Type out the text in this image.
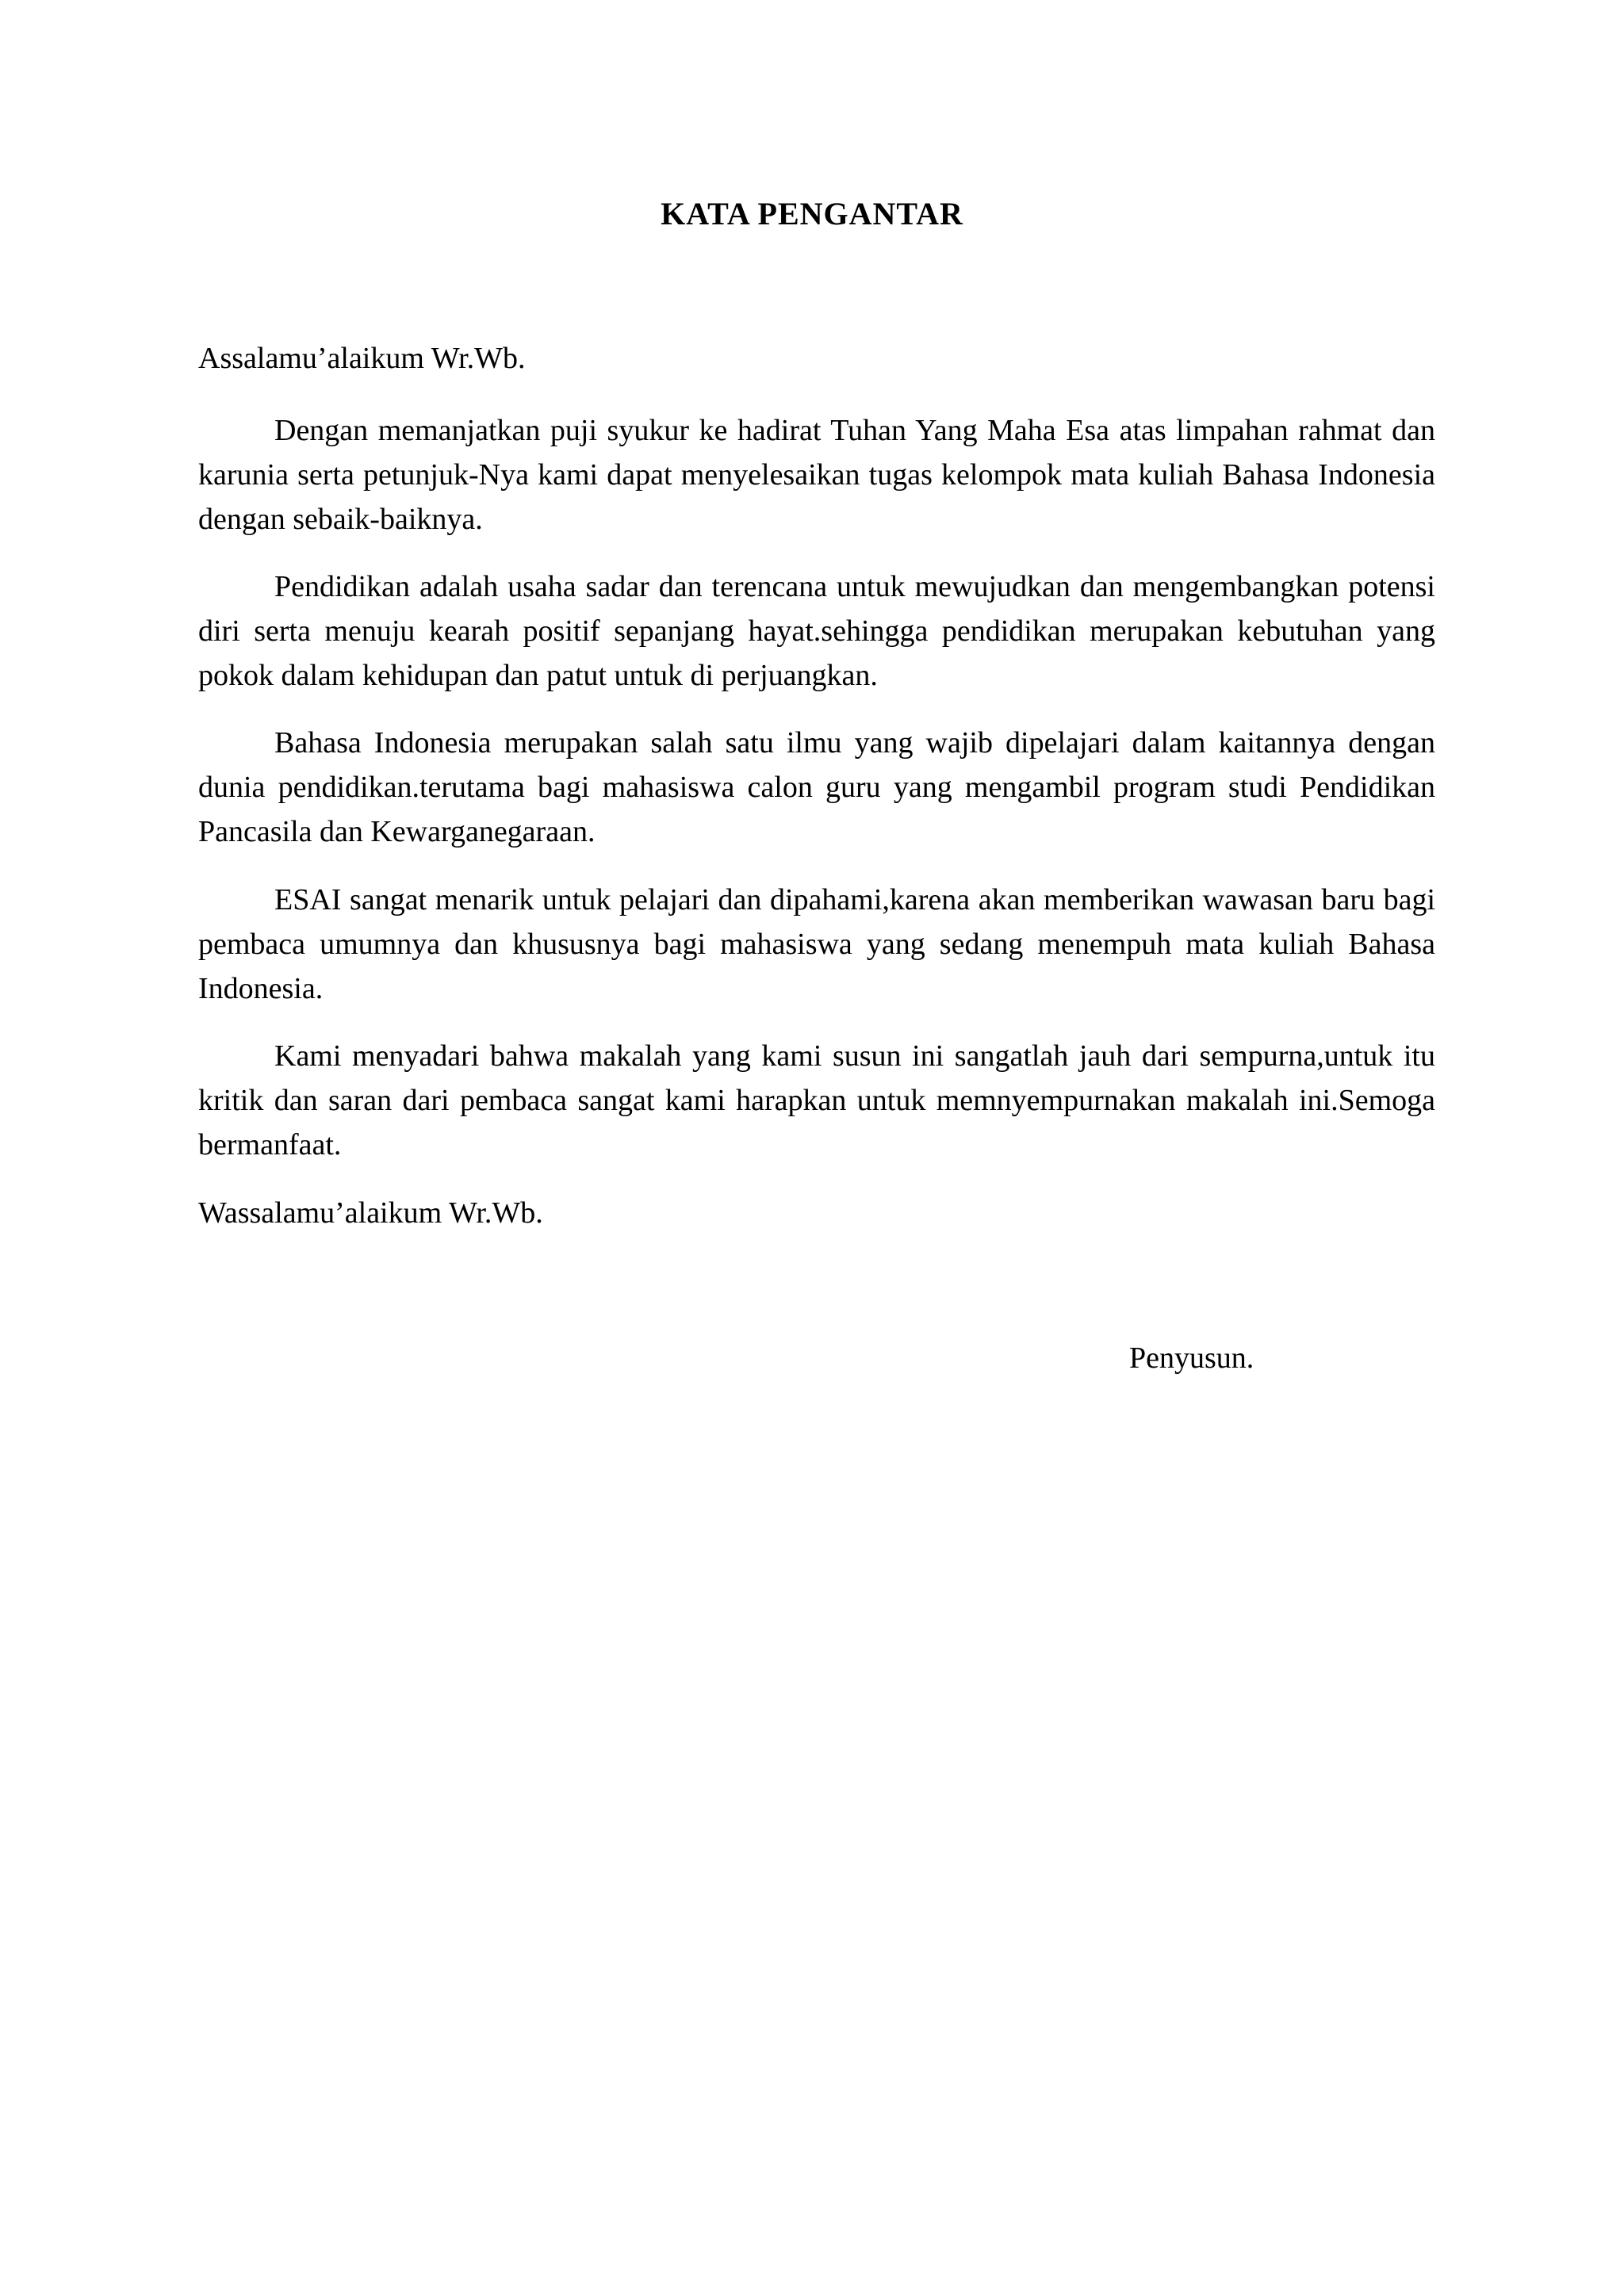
KATA PENGANTAR

Assalamu’alaikum Wr.Wb.

Dengan memanjatkan puji syukur ke hadirat Tuhan Yang Maha Esa atas limpahan rahmat dan karunia serta petunjuk-Nya kami dapat menyelesaikan tugas kelompok mata kuliah Bahasa Indonesia dengan sebaik-baiknya.

Pendidikan adalah usaha sadar dan terencana untuk mewujudkan dan mengembangkan potensi diri serta menuju kearah positif sepanjang hayat.sehingga pendidikan merupakan kebutuhan yang pokok dalam kehidupan dan patut untuk di perjuangkan.

Bahasa Indonesia merupakan salah satu ilmu yang wajib dipelajari dalam kaitannya dengan dunia pendidikan.terutama bagi mahasiswa calon guru yang mengambil program studi Pendidikan Pancasila dan Kewarganegaraan.

ESAI sangat menarik untuk pelajari dan dipahami,karena akan memberikan wawasan baru bagi pembaca umumnya dan khususnya bagi mahasiswa yang sedang menempuh mata kuliah Bahasa Indonesia.

Kami menyadari bahwa makalah yang kami susun ini sangatlah jauh dari sempurna,untuk itu kritik dan saran dari pembaca sangat kami harapkan untuk memnyempurnakan makalah ini.Semoga bermanfaat.

Wassalamu’alaikum Wr.Wb.

Penyusun.
